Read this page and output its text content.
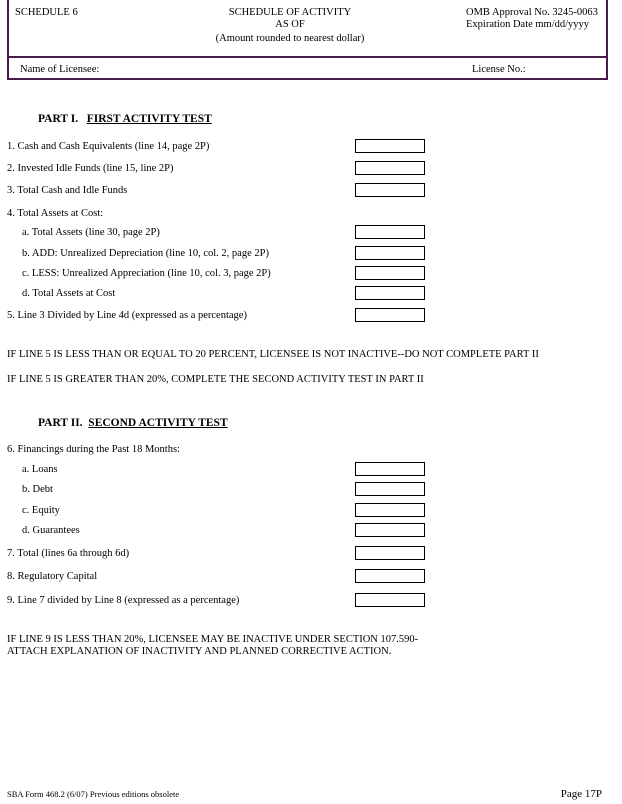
SCHEDULE 6	SCHEDULE OF ACTIVITY
AS OF
(Amount rounded to nearest dollar)
OMB Approval No. 3245-0063
Expiration Date mm/dd/yyyy
Name of Licensee:	License No.:
PART I. FIRST ACTIVITY TEST
1. Cash and Cash Equivalents (line 14, page 2P)
2. Invested Idle Funds (line 15, line 2P)
3. Total Cash and Idle Funds
4. Total Assets at Cost:
a. Total Assets (line 30, page 2P)
b. ADD: Unrealized Depreciation (line 10, col. 2, page 2P)
c. LESS: Unrealized Appreciation (line 10, col. 3, page 2P)
d. Total Assets at Cost
5. Line 3 Divided by Line 4d (expressed as a percentage)
IF LINE 5 IS LESS THAN OR EQUAL TO 20 PERCENT, LICENSEE IS NOT INACTIVE--DO NOT COMPLETE PART II
IF LINE 5 IS GREATER THAN 20%, COMPLETE THE SECOND ACTIVITY TEST IN PART II
PART II. SECOND ACTIVITY TEST
6. Financings during the Past 18 Months:
a. Loans
b. Debt
c. Equity
d. Guarantees
7. Total (lines 6a through 6d)
8. Regulatory Capital
9. Line 7 divided by Line 8 (expressed as a percentage)
IF LINE 9 IS LESS THAN 20%, LICENSEE MAY BE INACTIVE UNDER SECTION 107.590-
ATTACH EXPLANATION OF INACTIVITY AND PLANNED CORRECTIVE ACTION.
SBA Form 468.2 (6/07) Previous editions obsolete	Page 17P
